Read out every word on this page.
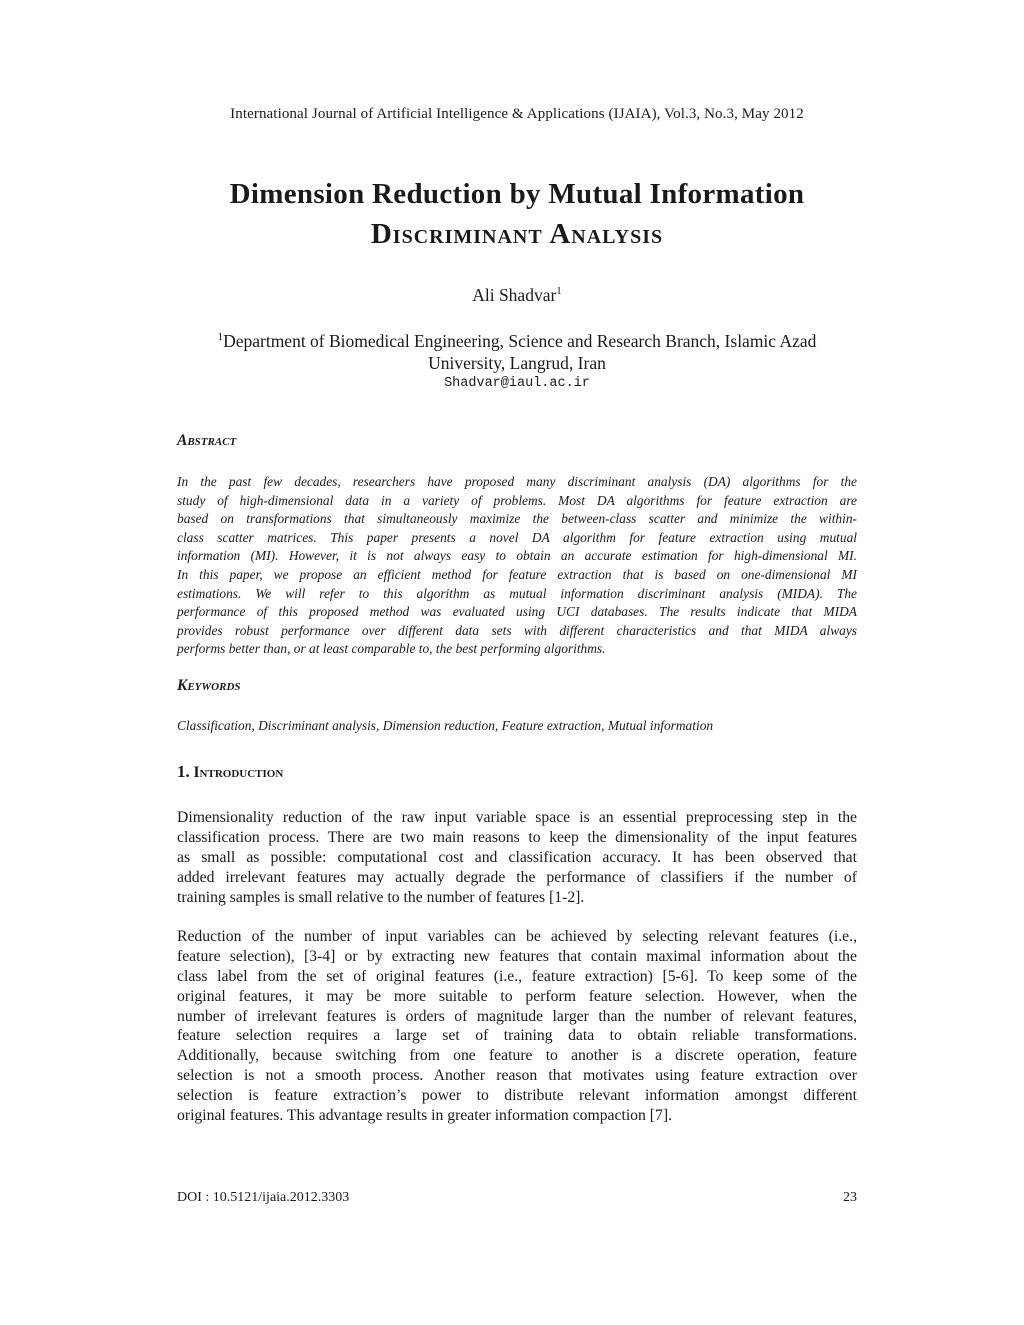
International Journal of Artificial Intelligence & Applications (IJAIA), Vol.3, No.3, May 2012
Dimension Reduction by Mutual Information
Discriminant Analysis
Ali Shadvar$^1$
$^1$Department of Biomedical Engineering, Science and Research Branch, Islamic Azad
University, Langrud, Iran
Shadvar@iaul.ac.ir
Abstract
In the past few decades, researchers have proposed many discriminant analysis (DA) algorithms for the
study of high-dimensional data in a variety of problems. Most DA algorithms for feature extraction are
based on transformations that simultaneously maximize the between-class scatter and minimize the within-
class scatter matrices. This paper presents a novel DA algorithm for feature extraction using mutual
information (MI). However, it is not always easy to obtain an accurate estimation for high-dimensional MI.
In this paper, we propose an efficient method for feature extraction that is based on one-dimensional MI
estimations. We will refer to this algorithm as mutual information discriminant analysis (MIDA). The
performance of this proposed method was evaluated using UCI databases. The results indicate that MIDA
provides robust performance over different data sets with different characteristics and that MIDA always
performs better than, or at least comparable to, the best performing algorithms.
Keywords
Classification, Discriminant analysis, Dimension reduction, Feature extraction, Mutual information
1. Introduction
Dimensionality reduction of the raw input variable space is an essential preprocessing step in the
classification process. There are two main reasons to keep the dimensionality of the input features
as small as possible: computational cost and classification accuracy. It has been observed that
added irrelevant features may actually degrade the performance of classifiers if the number of
training samples is small relative to the number of features [1-2].
Reduction of the number of input variables can be achieved by selecting relevant features (i.e.,
feature selection), [3-4] or by extracting new features that contain maximal information about the
class label from the set of original features (i.e., feature extraction) [5-6]. To keep some of the
original features, it may be more suitable to perform feature selection. However, when the
number of irrelevant features is orders of magnitude larger than the number of relevant features,
feature selection requires a large set of training data to obtain reliable transformations.
Additionally, because switching from one feature to another is a discrete operation, feature
selection is not a smooth process. Another reason that motivates using feature extraction over
selection is feature extraction’s power to distribute relevant information amongst different
original features. This advantage results in greater information compaction [7].
DOI : 10.5121/ijaia.2012.3303	23
